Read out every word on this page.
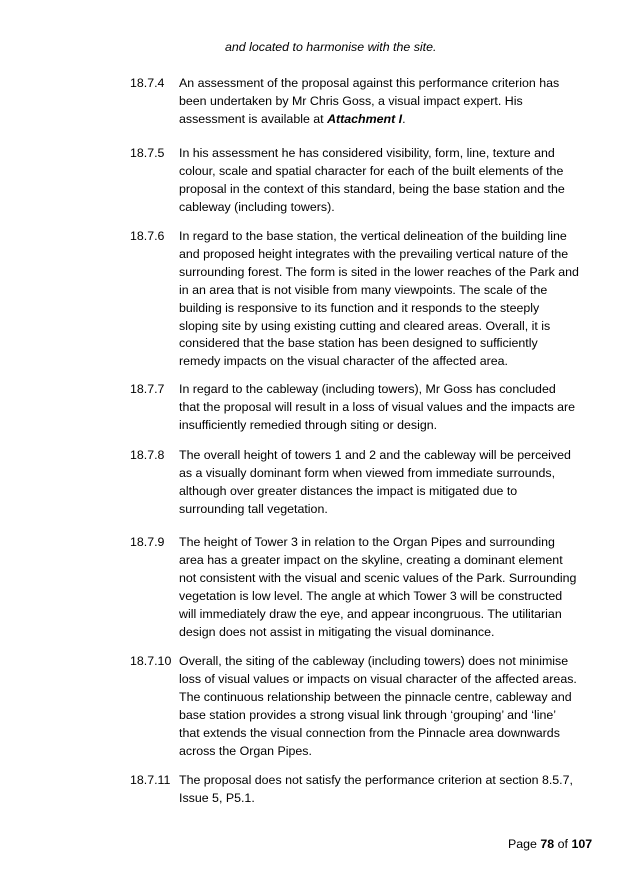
and located to harmonise with the site.
18.7.4 An assessment of the proposal against this performance criterion has
been undertaken by Mr Chris Goss, a visual impact expert. His
assessment is available at Attachment I.
18.7.5 In his assessment he has considered visibility, form, line, texture and
colour, scale and spatial character for each of the built elements of the
proposal in the context of this standard, being the base station and the
cableway (including towers).
18.7.6 In regard to the base station, the vertical delineation of the building line
and proposed height integrates with the prevailing vertical nature of the
surrounding forest. The form is sited in the lower reaches of the Park and
in an area that is not visible from many viewpoints. The scale of the
building is responsive to its function and it responds to the steeply
sloping site by using existing cutting and cleared areas. Overall, it is
considered that the base station has been designed to sufficiently
remedy impacts on the visual character of the affected area.
18.7.7 In regard to the cableway (including towers), Mr Goss has concluded
that the proposal will result in a loss of visual values and the impacts are
insufficiently remedied through siting or design.
18.7.8 The overall height of towers 1 and 2 and the cableway will be perceived
as a visually dominant form when viewed from immediate surrounds,
although over greater distances the impact is mitigated due to
surrounding tall vegetation.
18.7.9 The height of Tower 3 in relation to the Organ Pipes and surrounding
area has a greater impact on the skyline, creating a dominant element
not consistent with the visual and scenic values of the Park. Surrounding
vegetation is low level. The angle at which Tower 3 will be constructed
will immediately draw the eye, and appear incongruous. The utilitarian
design does not assist in mitigating the visual dominance.
18.7.10 Overall, the siting of the cableway (including towers) does not minimise
loss of visual values or impacts on visual character of the affected areas.
The continuous relationship between the pinnacle centre, cableway and
base station provides a strong visual link through ‘grouping’ and ‘line’
that extends the visual connection from the Pinnacle area downwards
across the Organ Pipes.
18.7.11 The proposal does not satisfy the performance criterion at section 8.5.7,
Issue 5, P5.1.
Page 78 of 107
